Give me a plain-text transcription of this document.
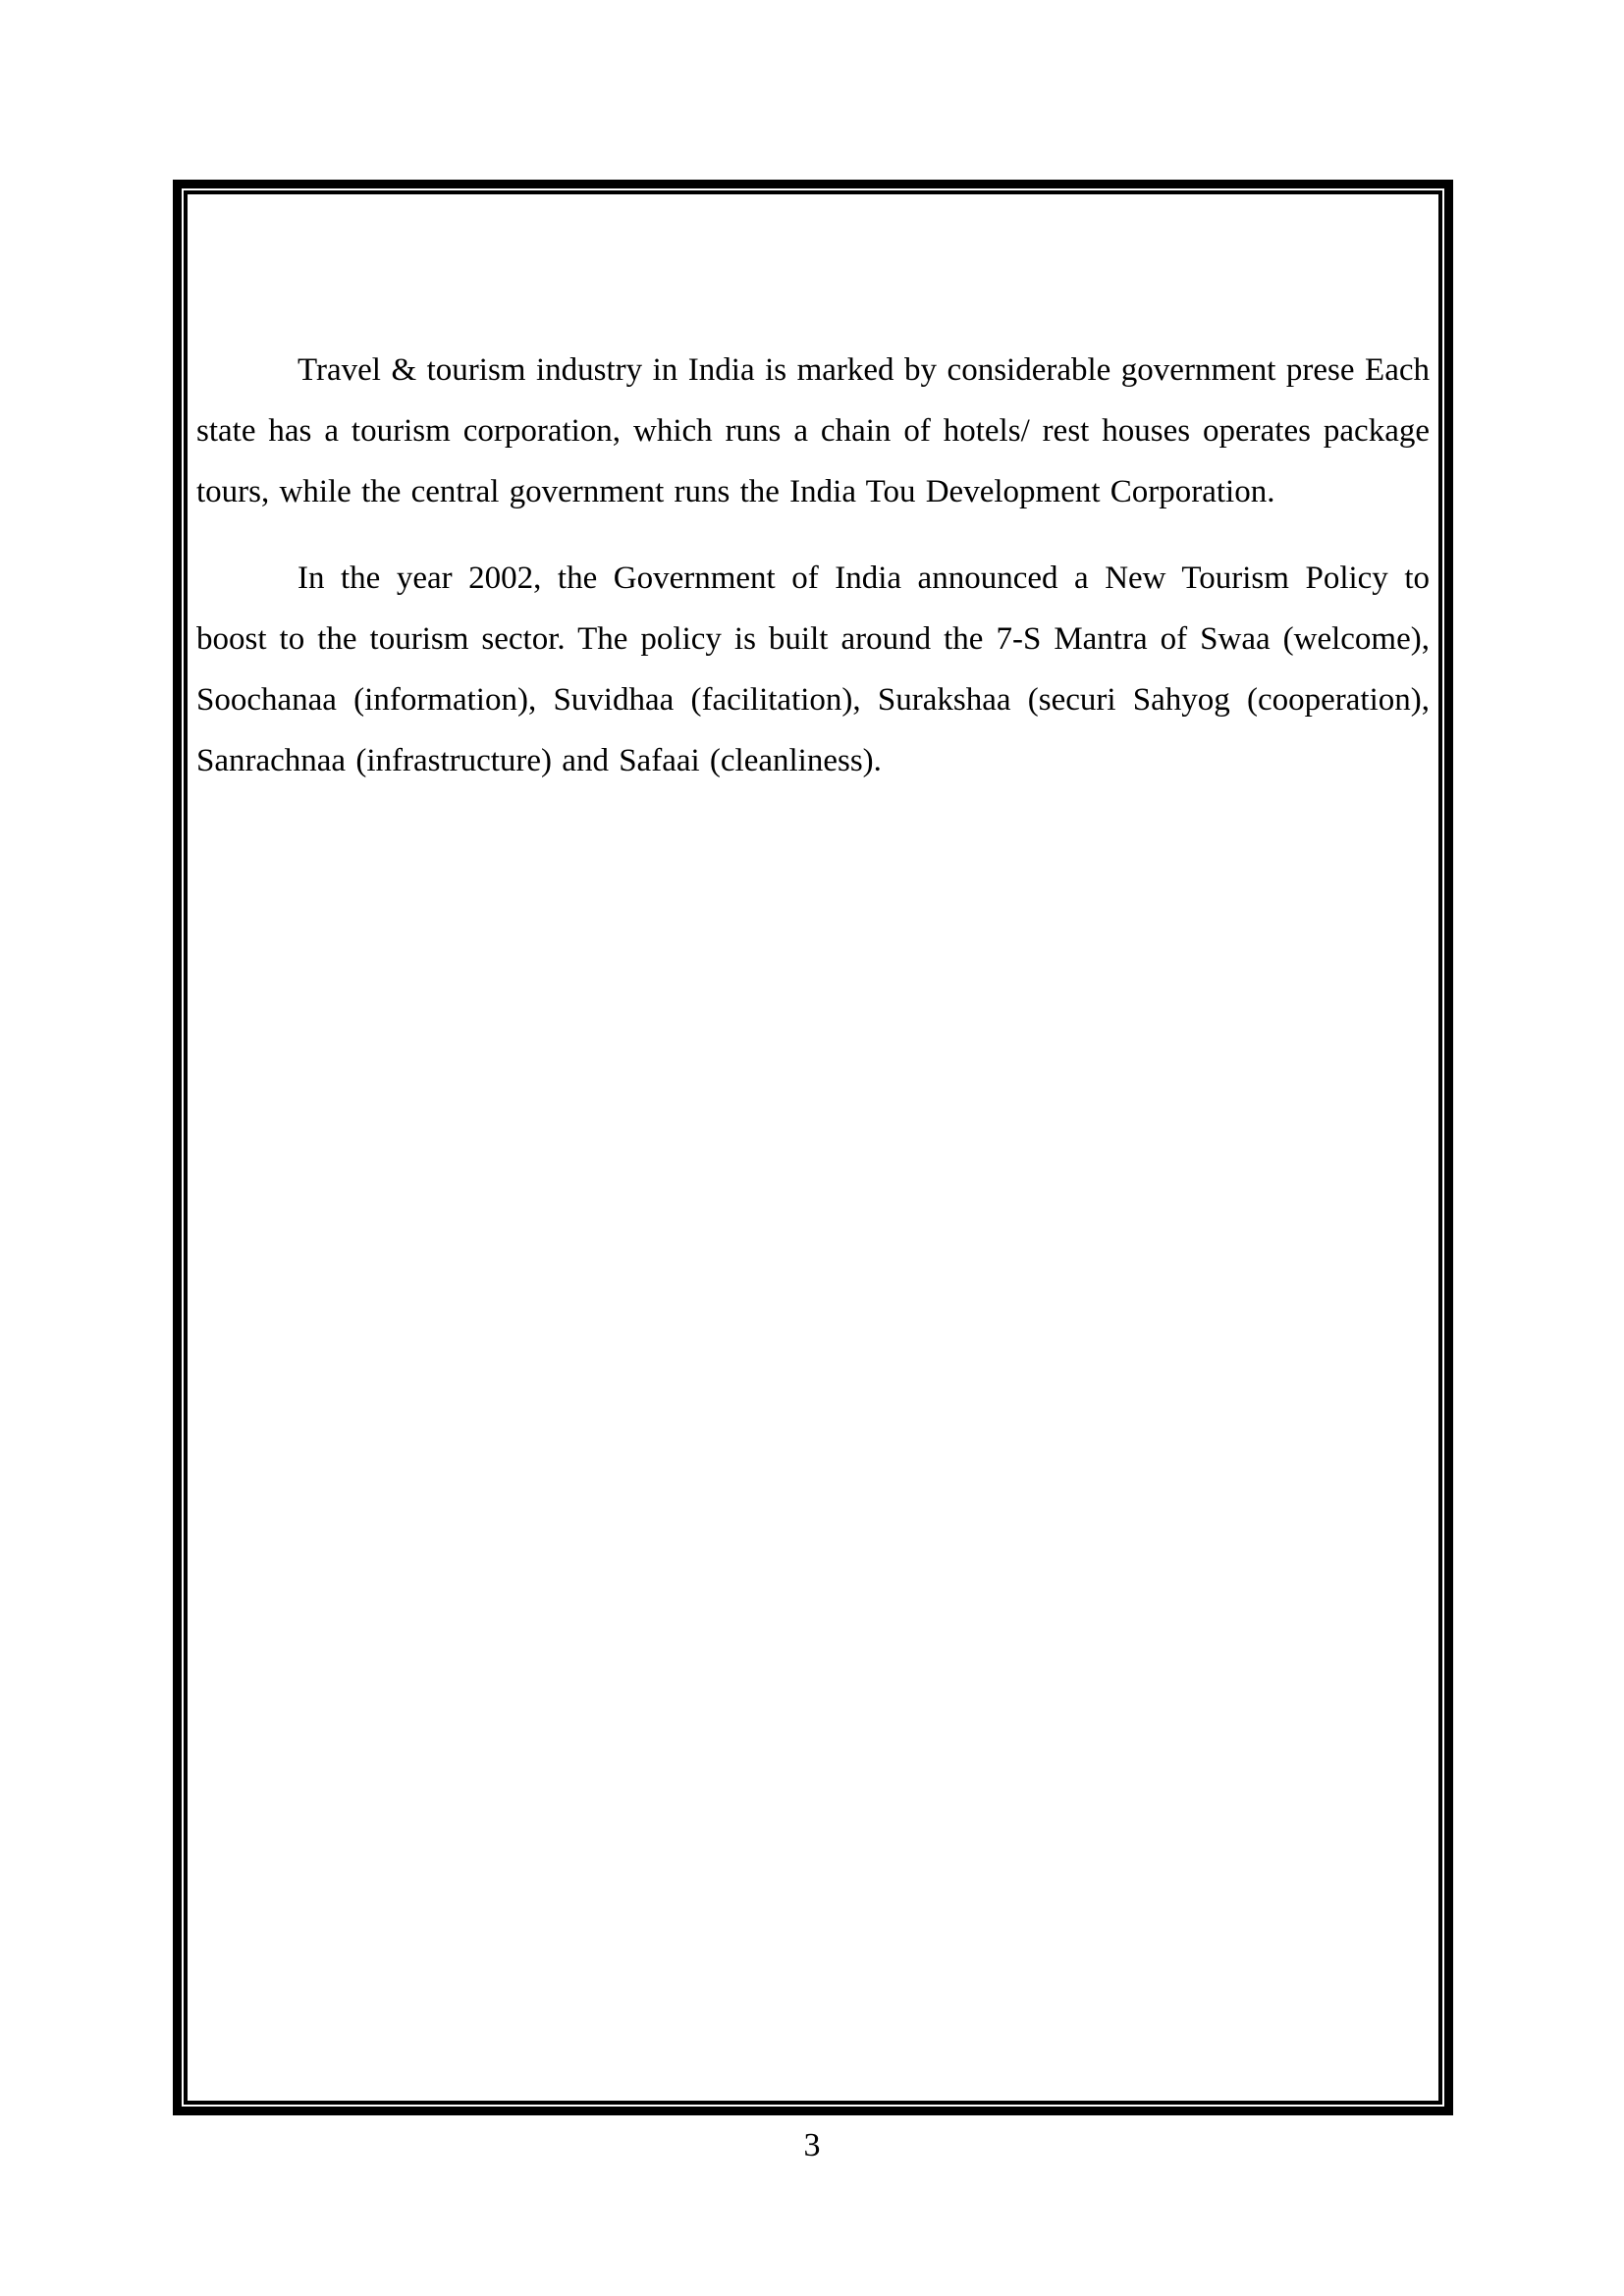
Travel & tourism industry in India is marked by considerable government prese Each state has a tourism corporation, which runs a chain of hotels/ rest houses operates package tours, while the central government runs the India Tou Development Corporation.

In the year 2002, the Government of India announced a New Tourism Policy to boost to the tourism sector. The policy is built around the 7-S Mantra of Swaa (welcome), Soochanaa (information), Suvidhaa (facilitation), Surakshaa (securi Sahyog (cooperation), Sanrachnaa (infrastructure) and Safaai (cleanliness).

3
